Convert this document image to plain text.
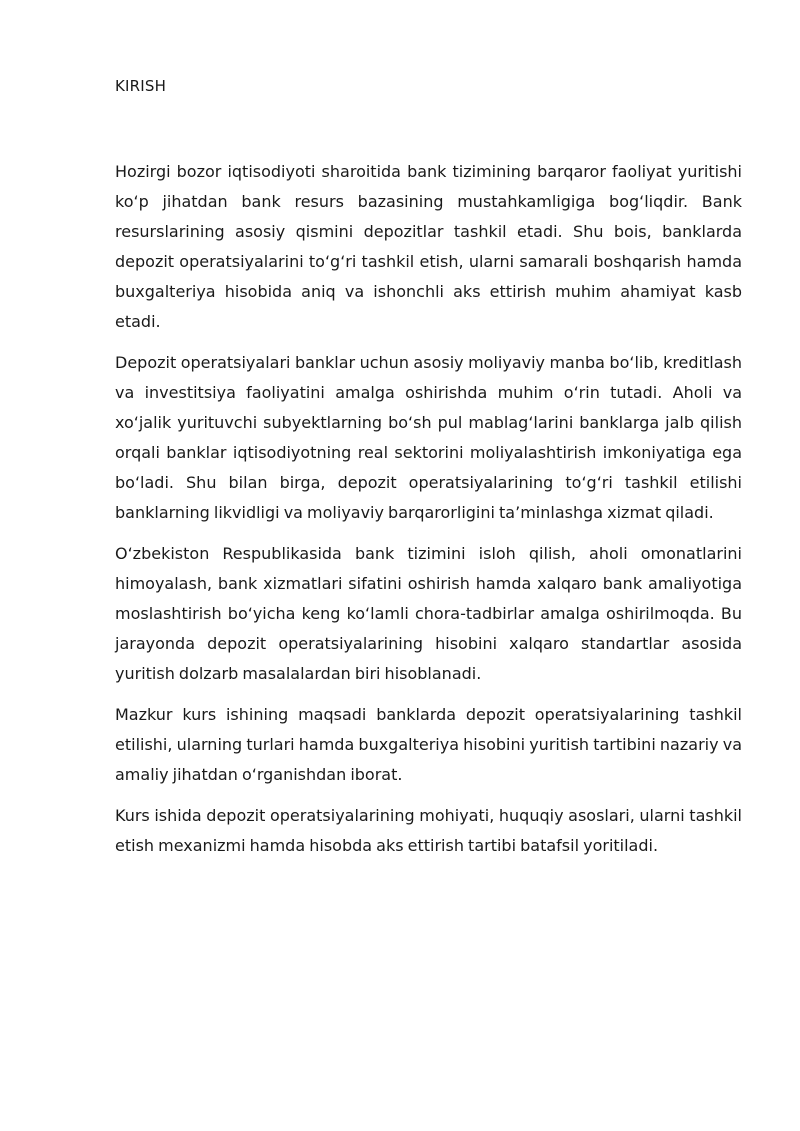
KIRISH

Hozirgi bozor iqtisodiyoti sharoitida bank tizimining barqaror faoliyat yuritishi ko‘p jihatdan bank resurs bazasining mustahkamligiga bog‘liqdir. Bank resurslarining asosiy qismini depozitlar tashkil etadi. Shu bois, banklarda depozit operatsiyalarini to‘g‘ri tashkil etish, ularni samarali boshqarish hamda buxgalteriya hisobida aniq va ishonchli aks ettirish muhim ahamiyat kasb etadi.

Depozit operatsiyalari banklar uchun asosiy moliyaviy manba bo‘lib, kreditlash va investitsiya faoliyatini amalga oshirishda muhim o‘rin tutadi. Aholi va xo‘jalik yurituvchi subyektlarning bo‘sh pul mablag‘larini banklarga jalb qilish orqali banklar iqtisodiyotning real sektorini moliyalashtirish imkoniyatiga ega bo‘ladi. Shu bilan birga, depozit operatsiyalarining to‘g‘ri tashkil etilishi banklarning likvidligi va moliyaviy barqarorligini ta’minlashga xizmat qiladi.

O‘zbekiston Respublikasida bank tizimini isloh qilish, aholi omonatlarini himoyalash, bank xizmatlari sifatini oshirish hamda xalqaro bank amaliyotiga moslashtirish bo‘yicha keng ko‘lamli chora-tadbirlar amalga oshirilmoqda. Bu jarayonda depozit operatsiyalarining hisobini xalqaro standartlar asosida yuritish dolzarb masalalardan biri hisoblanadi.

Mazkur kurs ishining maqsadi banklarda depozit operatsiyalarining tashkil etilishi, ularning turlari hamda buxgalteriya hisobini yuritish tartibini nazariy va amaliy jihatdan o‘rganishdan iborat.

Kurs ishida depozit operatsiyalarining mohiyati, huquqiy asoslari, ularni tashkil etish mexanizmi hamda hisobda aks ettirish tartibi batafsil yoritiladi.
